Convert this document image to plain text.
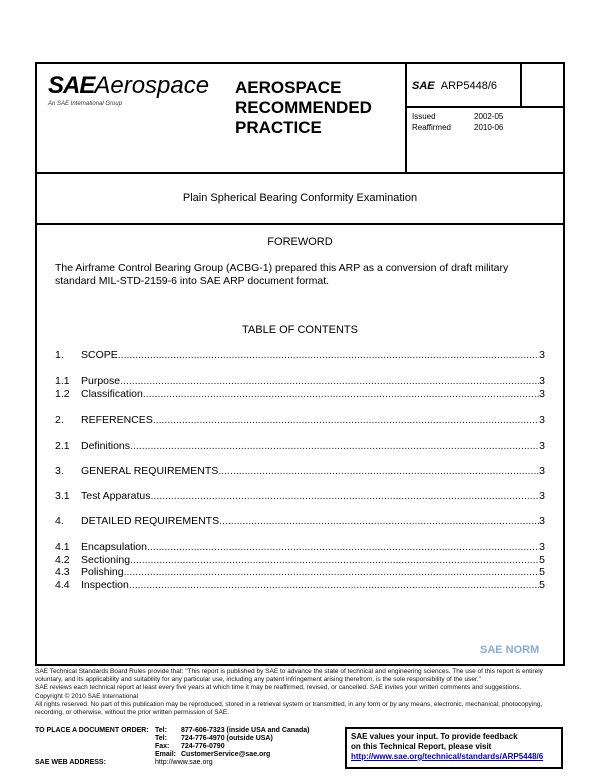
SAEAerospace
An SAE International Group
AEROSPACE
RECOMMENDED
PRACTICE
SAE ARP5448/6
Issued	2002-05
Reaffirmed	2010-06
Plain Spherical Bearing Conformity Examination
FOREWORD
The Airframe Control Bearing Group (ACBG-1) prepared this ARP as a conversion of draft military standard MIL-STD-2159-6 into SAE ARP document format.
TABLE OF CONTENTS
1.	SCOPE .....	3
1.1	Purpose .....	3
1.2	Classification .....	3
2.	REFERENCES .....	3
2.1	Definitions .....	3
3.	GENERAL REQUIREMENTS .....	3
3.1	Test Apparatus .....	3
4.	DETAILED REQUIREMENTS .....	3
4.1	Encapsulation .....	3
4.2	Sectioning .....	5
4.3	Polishing .....	5
4.4	Inspection .....	5
SAE NORM
SAE Technical Standards Board Rules provide that: "This report is published by SAE to advance the state of technical and engineering sciences. The use of this report is entirely voluntary, and its applicability and suitability for any particular use, including any patent infringement arising therefrom, is the sole responsibility of the user."
SAE reviews each technical report at least every five years at which time it may be reaffirmed, revised, or cancelled. SAE invites your written comments and suggestions.
Copyright © 2010 SAE International
All rights reserved. No part of this publication may be reproduced, stored in a retrieval system or transmitted, in any form or by any means, electronic, mechanical, photocopying, recording, or otherwise, without the prior written permission of SAE.
TO PLACE A DOCUMENT ORDER: Tel: 877-606-7323 (inside USA and Canada)
Tel: 724-776-4970 (outside USA)
Fax: 724-776-0790
Email: CustomerService@sae.org
http://www.sae.org
SAE WEB ADDRESS:
SAE values your input. To provide feedback
on this Technical Report, please visit
http://www.sae.org/technical/standards/ARP5448/6
